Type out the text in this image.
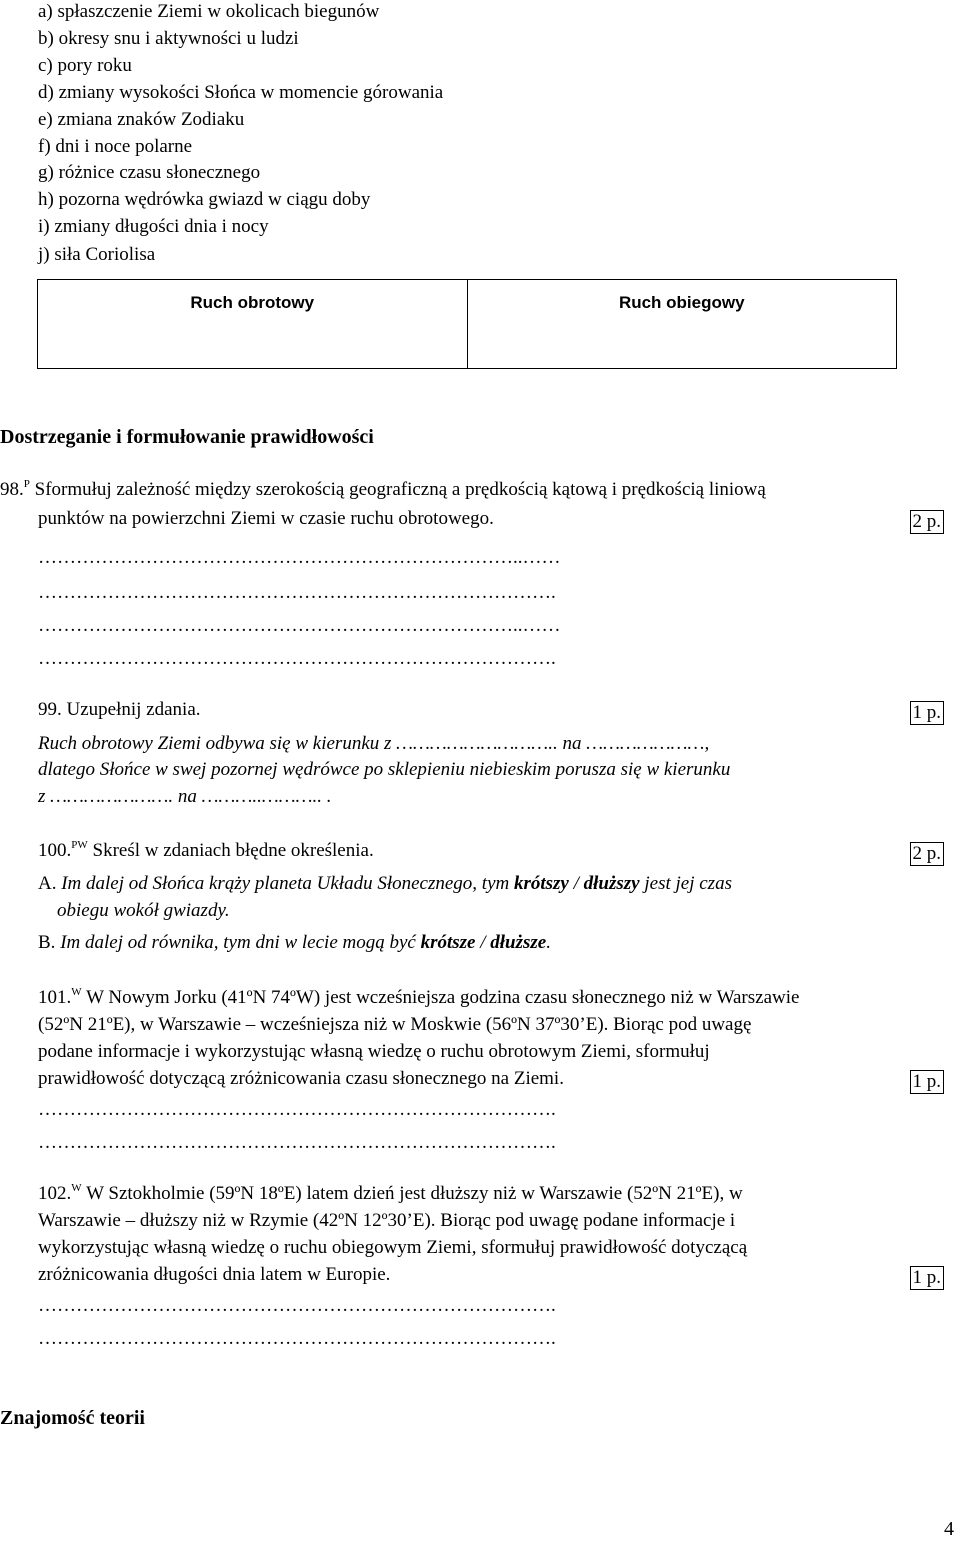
a) spłaszczenie Ziemi w okolicach biegunów
b) okresy snu i aktywności u ludzi
c) pory roku
d) zmiany wysokości Słońca w momencie górowania
e) zmiana znaków Zodiaku
f) dni i noce polarne
g) różnice czasu słonecznego
h) pozorna wędrówka gwiazd w ciągu doby
i) zmiany długości dnia i nocy
j) siła Coriolisa
Ruch obrotowy	Ruch obiegowy
Dostrzeganie i formułowanie prawidłowości
98.$^P$ Sformułuj zależność między szerokością geograficzną a prędkością kątową i prędkością liniową
punktów na powierzchni Ziemi w czasie ruchu obrotowego.	2 p.
…………………………………………………………………..……
……………………………………………………………………….
…………………………………………………………………..……
……………………………………………………………………….
99. Uzupełnij zdania.	1 p.
Ruch obrotowy Ziemi odbywa się w kierunku z ……………………….. na …………………,
dlatego Słońce w swej pozornej wędrówce po sklepieniu niebieskim porusza się w kierunku
z …………………. na ………..……….. .
100.$^{PW}$ Skreśl w zdaniach błędne określenia.	2 p.
A. Im dalej od Słońca krąży planeta Układu Słonecznego, tym krótszy / dłuższy jest jej czas
obiegu wokół gwiazdy.
B. Im dalej od równika, tym dni w lecie mogą być krótsze / dłuższe.
101.$^W$ W Nowym Jorku (41ºN 74ºW) jest wcześniejsza godzina czasu słonecznego niż w Warszawie
(52ºN 21ºE), w Warszawie ‒ wcześniejsza niż w Moskwie (56ºN 37º30’E). Biorąc pod uwagę
podane informacje i wykorzystując własną wiedzę o ruchu obrotowym Ziemi, sformułuj
prawidłowość dotyczącą zróżnicowania czasu słonecznego na Ziemi.	1 p.
……………………………………………………………………….
……………………………………………………………………….
102.$^W$ W Sztokholmie (59ºN 18ºE) latem dzień jest dłuższy niż w Warszawie (52ºN 21ºE), w
Warszawie ‒ dłuższy niż w Rzymie (42ºN 12º30’E). Biorąc pod uwagę podane informacje i
wykorzystując własną wiedzę o ruchu obiegowym Ziemi, sformułuj prawidłowość dotyczącą
zróżnicowania długości dnia latem w Europie.	1 p.
……………………………………………………………………….
……………………………………………………………………….
Znajomość teorii
4
